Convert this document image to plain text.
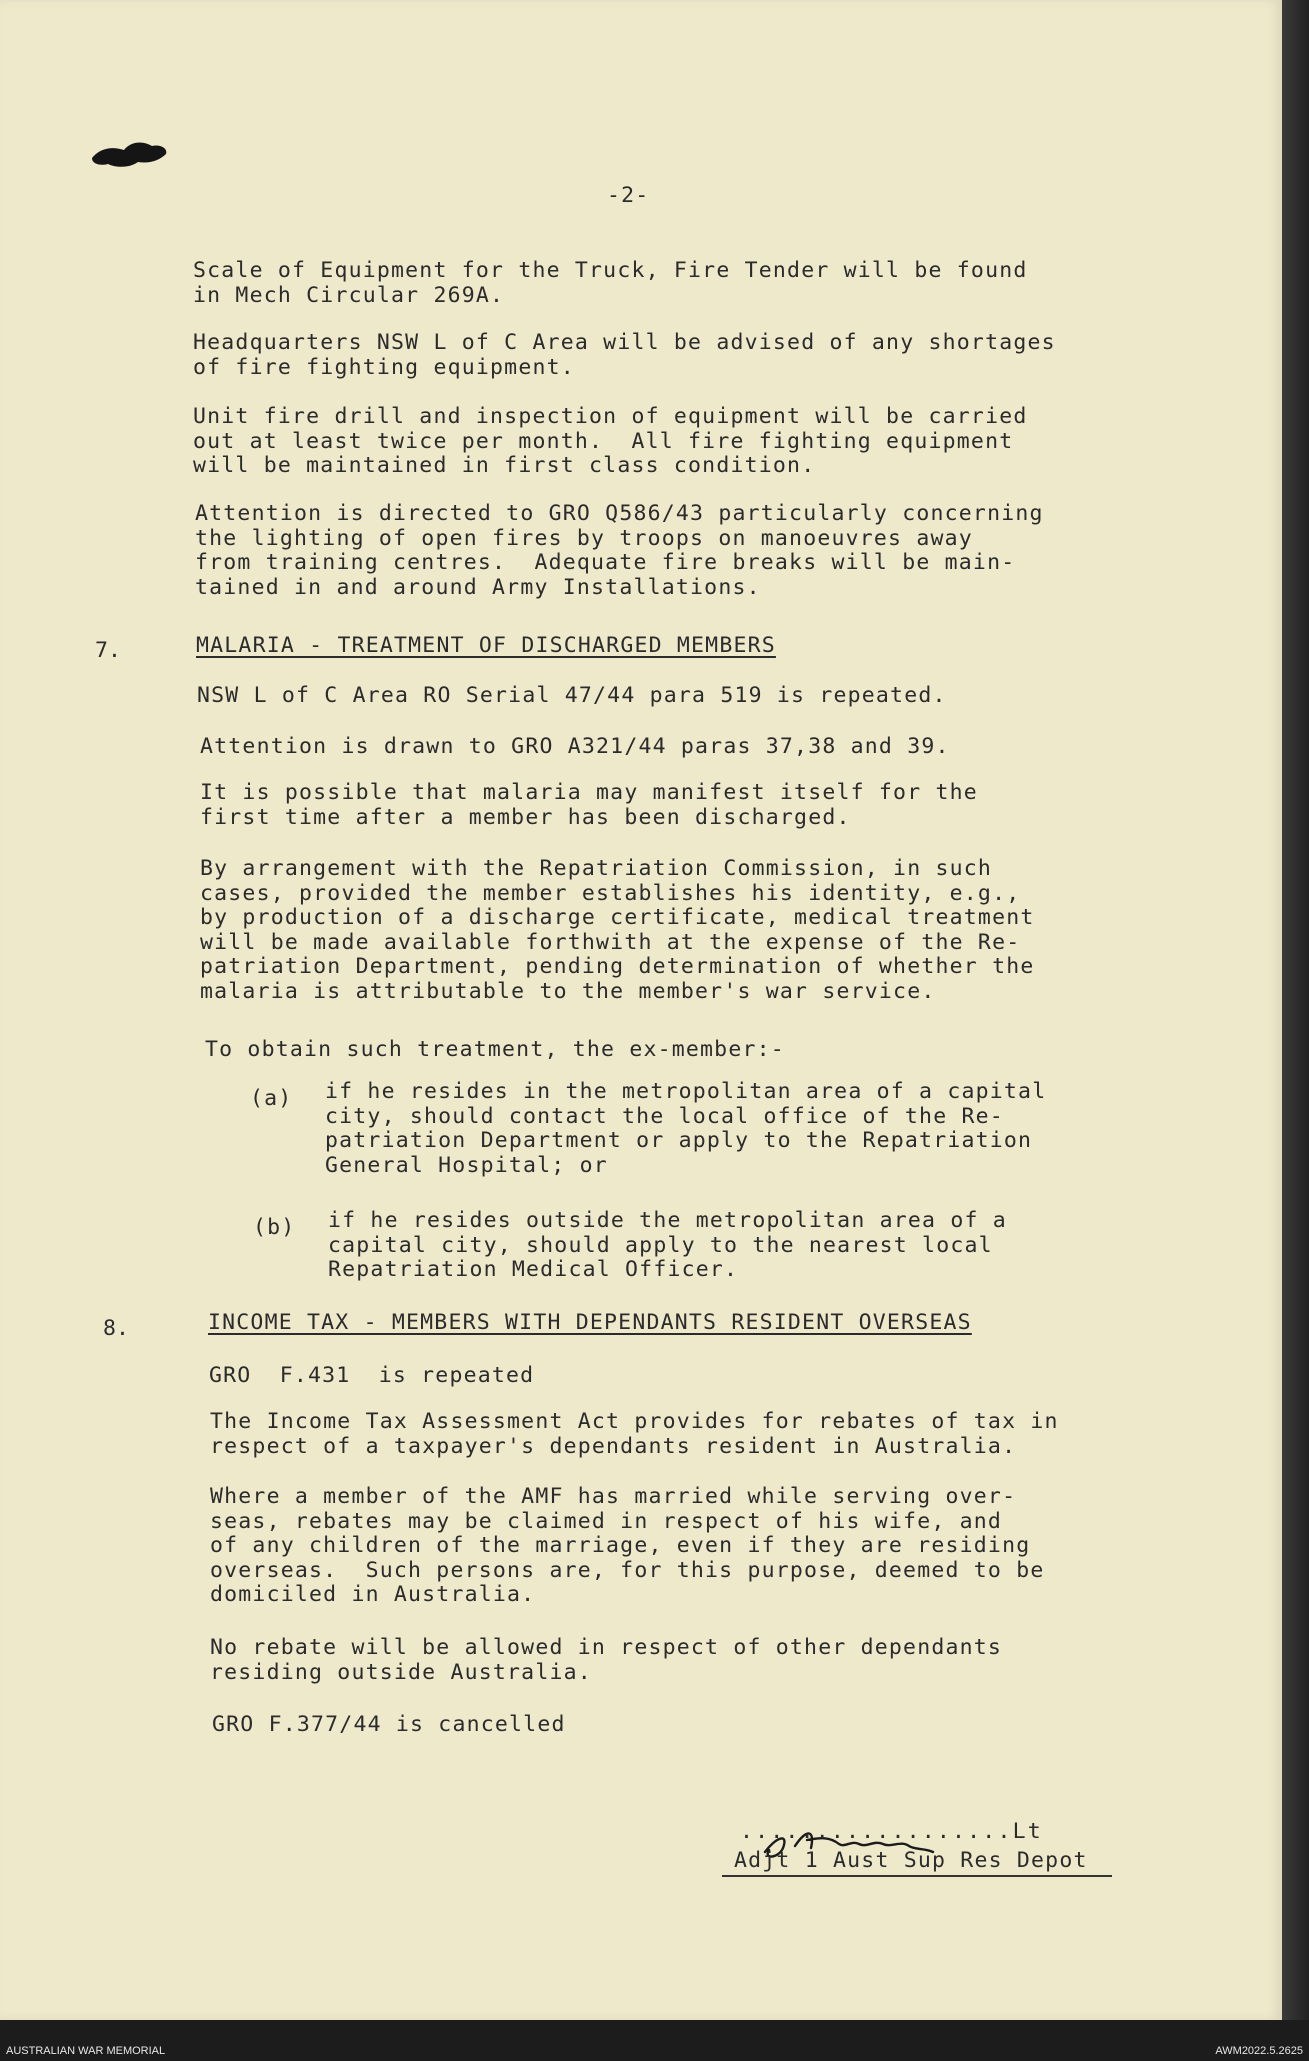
-2-
Scale of Equipment for the Truck, Fire Tender will be found
in Mech Circular 269A.
Headquarters NSW L of C Area will be advised of any shortages
of fire fighting equipment.
Unit fire drill and inspection of equipment will be carried
out at least twice per month.  All fire fighting equipment
will be maintained in first class condition.
Attention is directed to GRO Q586/43 particularly concerning
the lighting of open fires by troops on manoeuvres away
from training centres.  Adequate fire breaks will be main-
tained in and around Army Installations.
7.	MALARIA - TREATMENT OF DISCHARGED MEMBERS
NSW L of C Area RO Serial 47/44 para 519 is repeated.
Attention is drawn to GRO A321/44 paras 37,38 and 39.
It is possible that malaria may manifest itself for the
first time after a member has been discharged.
By arrangement with the Repatriation Commission, in such
cases, provided the member establishes his identity, e.g.,
by production of a discharge certificate, medical treatment
will be made available forthwith at the expense of the Re-
patriation Department, pending determination of whether the
malaria is attributable to the member's war service.
To obtain such treatment, the ex-member:-
(a) if he resides in the metropolitan area of a capital
city, should contact the local office of the Re-
patriation Department or apply to the Repatriation
General Hospital; or
(b) if he resides outside the metropolitan area of a
capital city, should apply to the nearest local
Repatriation Medical Officer.
8.	INCOME TAX - MEMBERS WITH DEPENDANTS RESIDENT OVERSEAS
GRO  F.431  is repeated
The Income Tax Assessment Act provides for rebates of tax in
respect of a taxpayer's dependants resident in Australia.
Where a member of the AMF has married while serving over-
seas, rebates may be claimed in respect of his wife, and
of any children of the marriage, even if they are residing
overseas.  Such persons are, for this purpose, deemed to be
domiciled in Australia.
No rebate will be allowed in respect of other dependants
residing outside Australia.
GRO F.377/44 is cancelled
..................Lt
Adjt 1 Aust Sup Res Depot
AUSTRALIAN WAR MEMORIAL	AWM2022.5.2625
